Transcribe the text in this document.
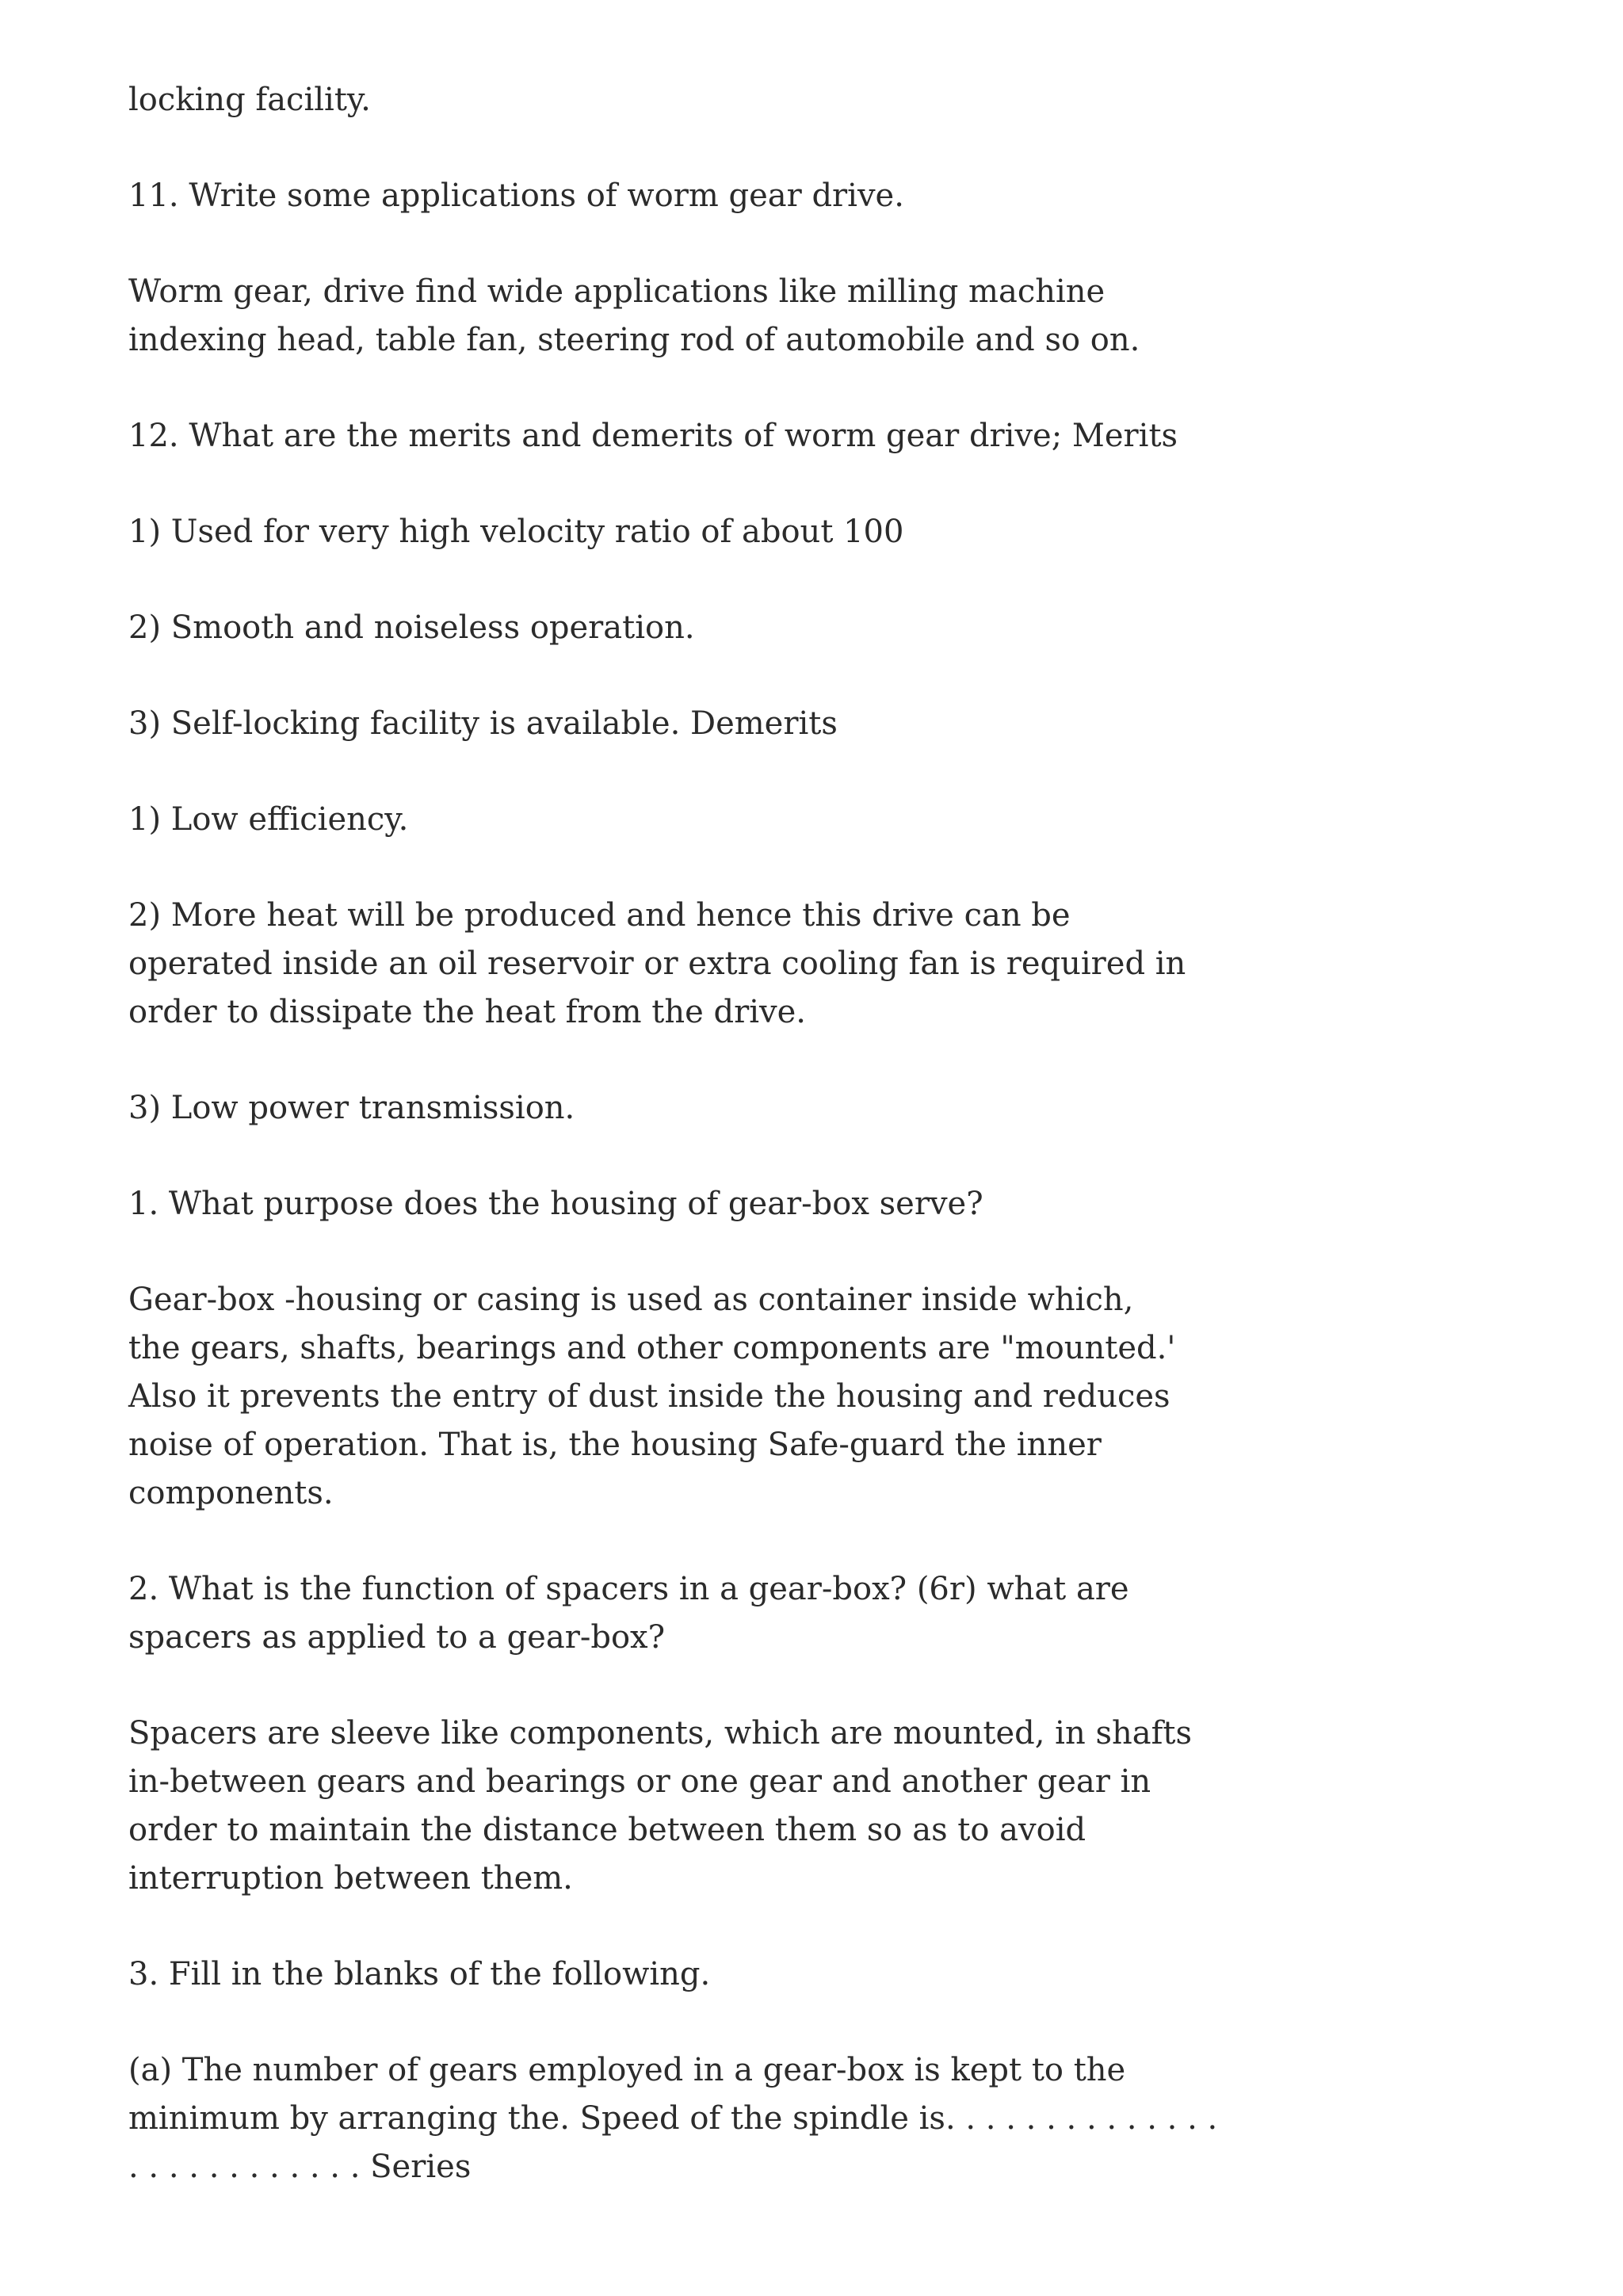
locking facility.

11. Write some applications of worm gear drive.

Worm gear, drive find wide applications like milling machine
indexing head, table fan, steering rod of automobile and so on.

12. What are the merits and demerits of worm gear drive; Merits

1) Used for very high velocity ratio of about 100

2) Smooth and noiseless operation.

3) Self-locking facility is available. Demerits

1) Low efficiency.

2) More heat will be produced and hence this drive can be
operated inside an oil reservoir or extra cooling fan is required in
order to dissipate the heat from the drive.

3) Low power transmission.

1. What purpose does the housing of gear-box serve?

Gear-box -housing or casing is used as container inside which,
the gears, shafts, bearings and other components are "mounted.'
Also it prevents the entry of dust inside the housing and reduces
noise of operation. That is, the housing Safe-guard the inner
components.

2. What is the function of spacers in a gear-box? (6r) what are
spacers as applied to a gear-box?

Spacers are sleeve like components, which are mounted, in shafts
in-between gears and bearings or one gear and another gear in
order to maintain the distance between them so as to avoid
interruption between them.

3. Fill in the blanks of the following.

(a) The number of gears employed in a gear-box is kept to the
minimum by arranging the. Speed of the spindle is. . . . . . . . . . . . . .
. . . . . . . . . . . . Series
